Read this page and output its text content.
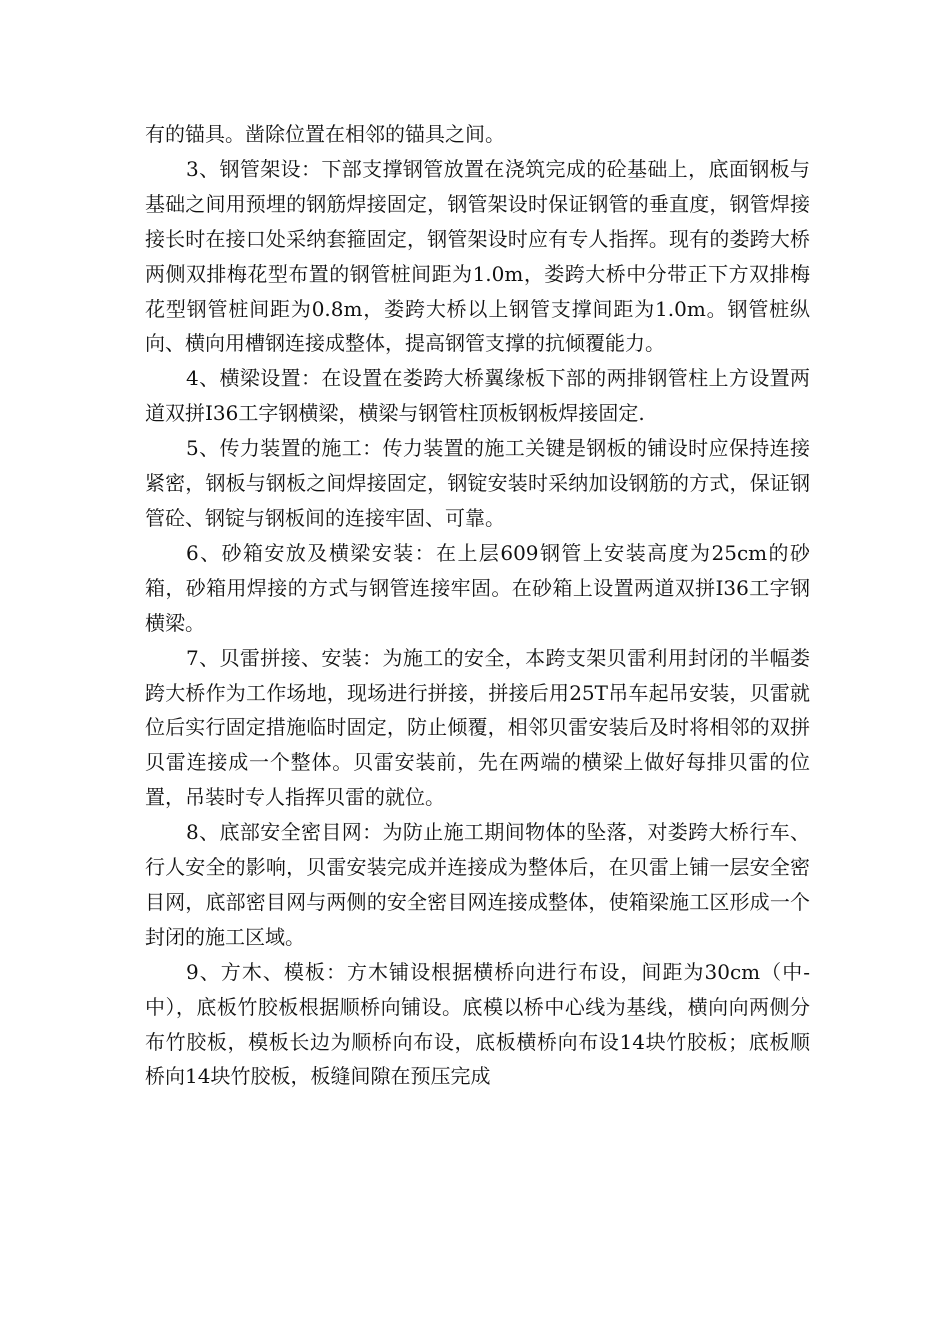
有的锚具。凿除位置在相邻的锚具之间。

3、钢管架设：下部支撑钢管放置在浇筑完成的砼基础上，底面钢板与基础之间用预埋的钢筋焊接固定，钢管架设时保证钢管的垂直度，钢管焊接接长时在接口处采纳套箍固定，钢管架设时应有专人指挥。现有的娄跨大桥两侧双排梅花型布置的钢管桩间距为1.0m，娄跨大桥中分带正下方双排梅花型钢管桩间距为0.8m，娄跨大桥以上钢管支撑间距为1.0m。钢管桩纵向、横向用槽钢连接成整体，提高钢管支撑的抗倾覆能力。

4、横梁设置：在设置在娄跨大桥翼缘板下部的两排钢管柱上方设置两道双拼I36工字钢横梁，横梁与钢管柱顶板钢板焊接固定.

5、传力装置的施工：传力装置的施工关键是钢板的铺设时应保持连接紧密，钢板与钢板之间焊接固定，钢锭安装时采纳加设钢筋的方式，保证钢管砼、钢锭与钢板间的连接牢固、可靠。

6、砂箱安放及横梁安装：在上层609钢管上安装高度为25cm的砂箱，砂箱用焊接的方式与钢管连接牢固。在砂箱上设置两道双拼I36工字钢横梁。

7、贝雷拼接、安装：为施工的安全，本跨支架贝雷利用封闭的半幅娄跨大桥作为工作场地，现场进行拼接，拼接后用25T吊车起吊安装，贝雷就位后实行固定措施临时固定，防止倾覆，相邻贝雷安装后及时将相邻的双拼贝雷连接成一个整体。贝雷安装前，先在两端的横梁上做好每排贝雷的位置，吊装时专人指挥贝雷的就位。

8、底部安全密目网：为防止施工期间物体的坠落，对娄跨大桥行车、行人安全的影响，贝雷安装完成并连接成为整体后，在贝雷上铺一层安全密目网，底部密目网与两侧的安全密目网连接成整体，使箱梁施工区形成一个封闭的施工区域。

9、方木、模板：方木铺设根据横桥向进行布设，间距为30cm（中-中），底板竹胶板根据顺桥向铺设。底模以桥中心线为基线，横向向两侧分布竹胶板，模板长边为顺桥向布设，底板横桥向布设14块竹胶板；底板顺桥向14块竹胶板，板缝间隙在预压完成
